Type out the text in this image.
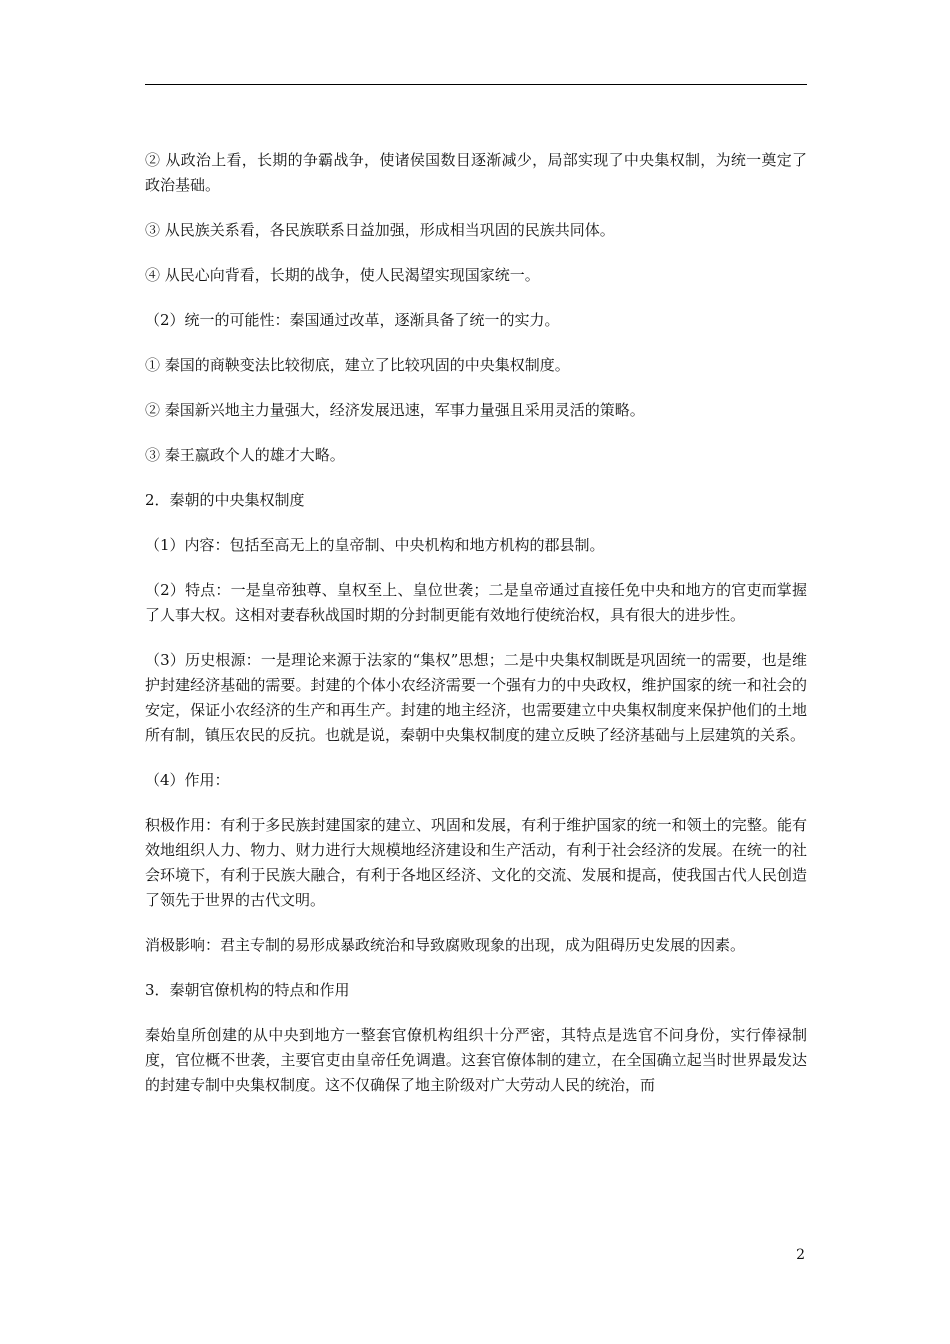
② 从政治上看，长期的争霸战争，使诸侯国数目逐渐减少，局部实现了中央集权制，为统一奠定了政治基础。

③ 从民族关系看，各民族联系日益加强，形成相当巩固的民族共同体。

④ 从民心向背看，长期的战争，使人民渴望实现国家统一。

（2）统一的可能性：秦国通过改革，逐渐具备了统一的实力。

① 秦国的商鞅变法比较彻底，建立了比较巩固的中央集权制度。

② 秦国新兴地主力量强大，经济发展迅速，军事力量强且采用灵活的策略。

③ 秦王嬴政个人的雄才大略。

2．秦朝的中央集权制度

（1）内容：包括至高无上的皇帝制、中央机构和地方机构的郡县制。

（2）特点：一是皇帝独尊、皇权至上、皇位世袭；二是皇帝通过直接任免中央和地方的官吏而掌握了人事大权。这相对妻春秋战国时期的分封制更能有效地行使统治权，具有很大的进步性。

（3）历史根源：一是理论来源于法家的“集权”思想；二是中央集权制既是巩固统一的需要，也是维护封建经济基础的需要。封建的个体小农经济需要一个强有力的中央政权，维护国家的统一和社会的安定，保证小农经济的生产和再生产。封建的地主经济，也需要建立中央集权制度来保护他们的土地所有制，镇压农民的反抗。也就是说，秦朝中央集权制度的建立反映了经济基础与上层建筑的关系。

（4）作用：

积极作用：有利于多民族封建国家的建立、巩固和发展，有利于维护国家的统一和领土的完整。能有效地组织人力、物力、财力进行大规模地经济建设和生产活动，有利于社会经济的发展。在统一的社会环境下，有利于民族大融合，有利于各地区经济、文化的交流、发展和提高，使我国古代人民创造了领先于世界的古代文明。

消极影响：君主专制的易形成暴政统治和导致腐败现象的出现，成为阻碍历史发展的因素。

3．秦朝官僚机构的特点和作用

秦始皇所创建的从中央到地方一整套官僚机构组织十分严密，其特点是选官不问身份，实行俸禄制度，官位概不世袭，主要官吏由皇帝任免调遣。这套官僚体制的建立，在全国确立起当时世界最发达的封建专制中央集权制度。这不仅确保了地主阶级对广大劳动人民的统治，而

2
